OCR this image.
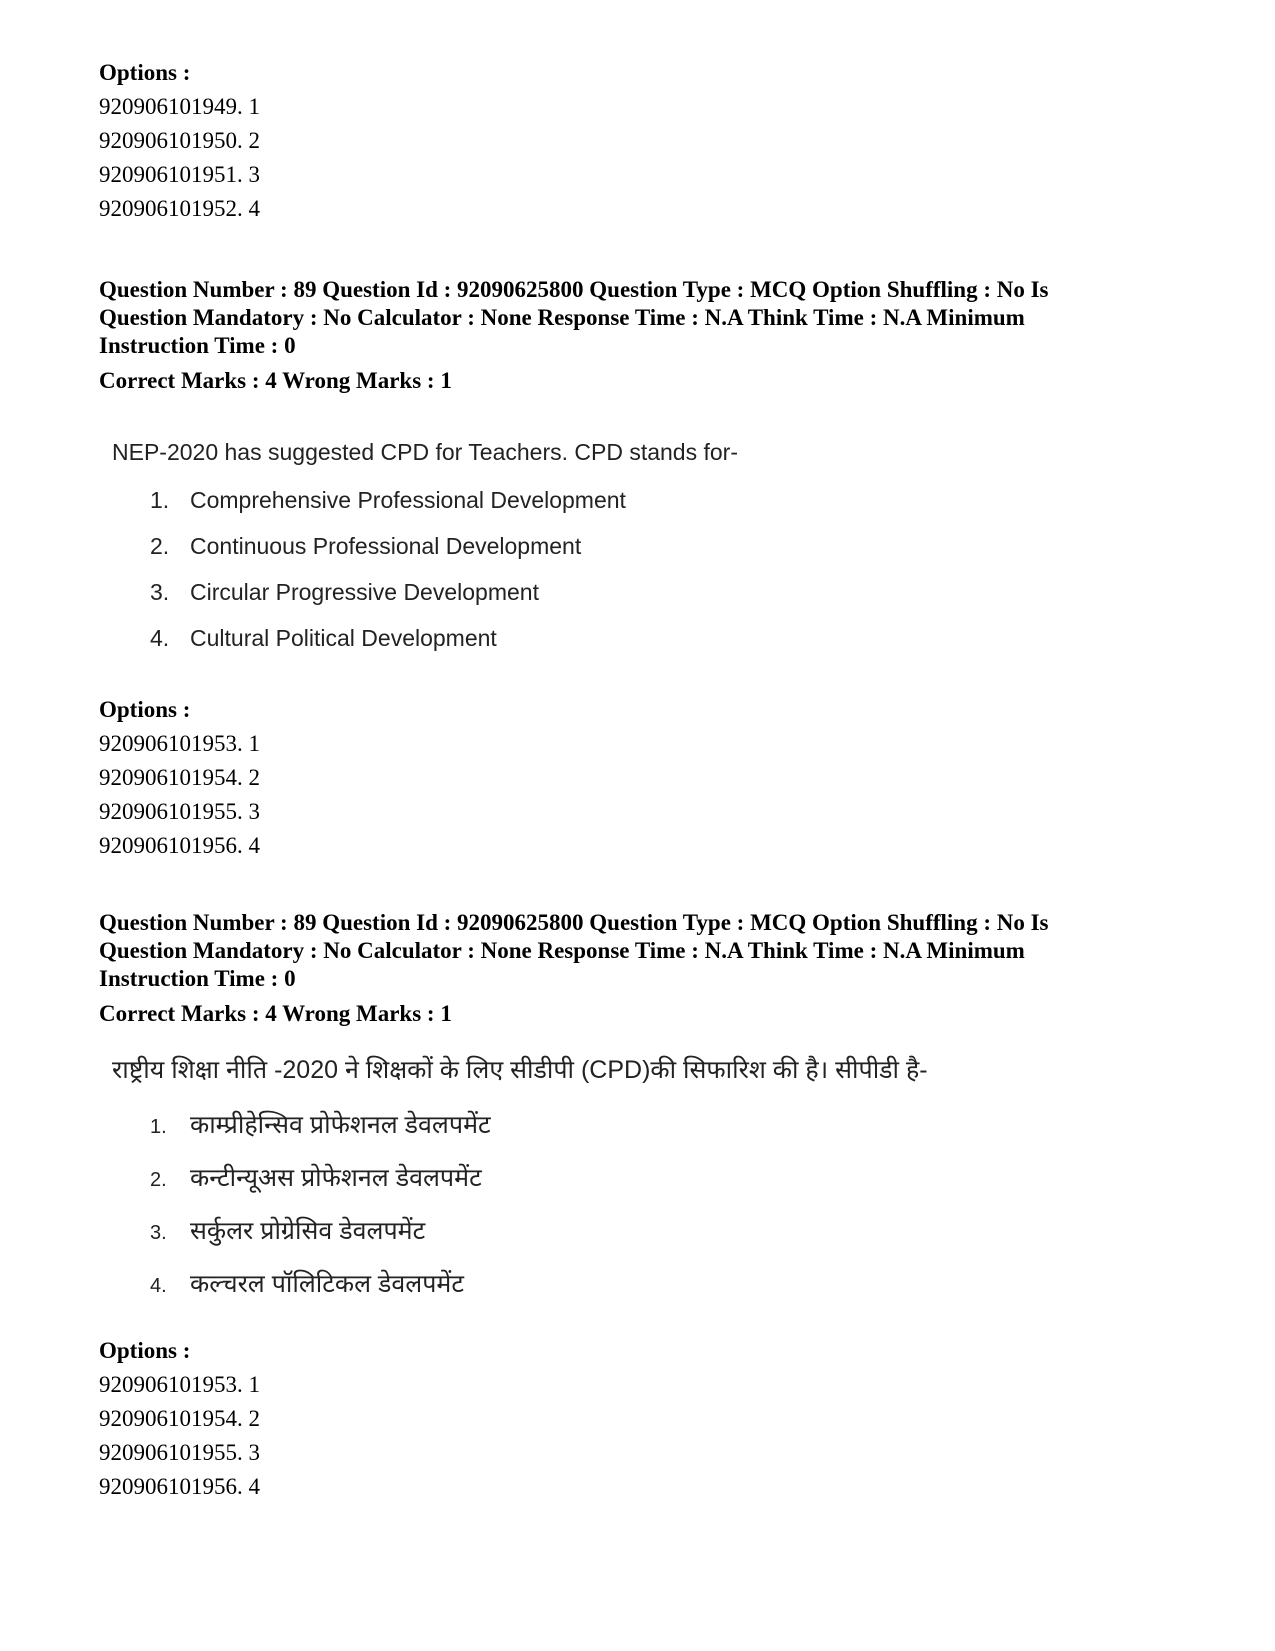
Options :
920906101949. 1
920906101950. 2
920906101951. 3
920906101952. 4
Question Number : 89 Question Id : 92090625800 Question Type : MCQ Option Shuffling : No Is
Question Mandatory : No Calculator : None Response Time : N.A Think Time : N.A Minimum
Instruction Time : 0
Correct Marks : 4 Wrong Marks : 1
NEP-2020 has suggested CPD for Teachers. CPD stands for-
1. Comprehensive Professional Development
2. Continuous Professional Development
3. Circular Progressive Development
4. Cultural Political Development
Options :
920906101953. 1
920906101954. 2
920906101955. 3
920906101956. 4
Question Number : 89 Question Id : 92090625800 Question Type : MCQ Option Shuffling : No Is
Question Mandatory : No Calculator : None Response Time : N.A Think Time : N.A Minimum
Instruction Time : 0
Correct Marks : 4 Wrong Marks : 1
राष्ट्रीय शिक्षा नीति -2020 ने शिक्षकों के लिए सीडीपी (CPD)की सिफारिश की है। सीपीडी है-
1. काम्प्रीहेन्सिव प्रोफेशनल डेवलपमेंट
2. कन्टीन्यूअस प्रोफेशनल डेवलपमेंट
3. सर्कुलर प्रोग्रेसिव डेवलपमेंट
4. कल्चरल पॉलिटिकल डेवलपमेंट
Options :
920906101953. 1
920906101954. 2
920906101955. 3
920906101956. 4
